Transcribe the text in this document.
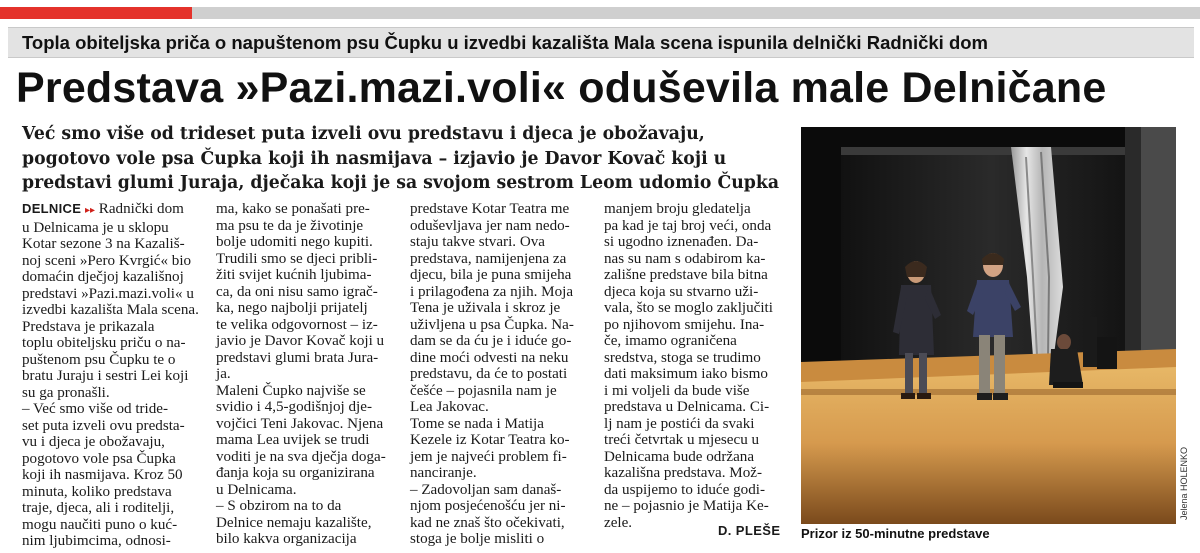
Topla obiteljska priča o napuštenom psu Čupku u izvedbi kazališta Mala scena ispunila delnički Radnički dom
Predstava »Pazi.mazi.voli« oduševila male Delničane
Već smo više od trideset puta izveli ovu predstavu i djeca je obožavaju,
pogotovo vole psa Čupka koji ih nasmijava – izjavio je Davor Kovač koji u
predstavi glumi Juraja, dječaka koji je sa svojom sestrom Leom udomio Čupka

DELNICE ▸▸ Radnički dom

u Delnicama je u sklopu

Kotar sezone 3 na Kazališ-

noj sceni »Pero Kvrgić« bio

domaćin dječjoj kazališnoj

predstavi »Pazi.mazi.voli« u

izvedbi kazališta Mala scena.

Predstava je prikazala

toplu obiteljsku priču o na-

puštenom psu Čupku te o

bratu Juraju i sestri Lei koji

su ga pronašli.

– Već smo više od tride-

set puta izveli ovu predsta-

vu i djeca je obožavaju,

pogotovo vole psa Čupka

koji ih nasmijava. Kroz 50

minuta, koliko predstava

traje, djeca, ali i roditelji,

mogu naučiti puno o kuć-

nim ljubimcima, odnosi-

ma, kako se ponašati pre-

ma psu te da je životinje

bolje udomiti nego kupiti.

Trudili smo se djeci pribli-

žiti svijet kućnih ljubima-

ca, da oni nisu samo igrač-

ka, nego najbolji prijatelj

te velika odgovornost – iz-

javio je Davor Kovač koji u

predstavi glumi brata Jura-

ja.

Maleni Čupko najviše se

svidio i 4,5-godišnjoj dje-

vojčici Teni Jakovac. Njena

mama Lea uvijek se trudi

voditi je na sva dječja doga-

đanja koja su organizirana

u Delnicama.

– S obzirom na to da

Delnice nemaju kazalište,

bilo kakva organizacija

predstave Kotar Teatra me

oduševljava jer nam nedo-

staju takve stvari. Ova

predstava, namijenjena za

djecu, bila je puna smijeha

i prilagođena za njih. Moja

Tena je uživala i skroz je

uživljena u psa Čupka. Na-

dam se da ću je i iduće go-

dine moći odvesti na neku

predstavu, da će to postati

češće – pojasnila nam je

Lea Jakovac.

Tome se nada i Matija

Kezele iz Kotar Teatra ko-

jem je najveći problem fi-

nanciranje.

– Zadovoljan sam današ-

njom posjećenošću jer ni-

kad ne znaš što očekivati,

stoga je bolje misliti o

manjem broju gledatelja

pa kad je taj broj veći, onda

si ugodno iznenađen. Da-

nas su nam s odabirom ka-

zališne predstave bila bitna

djeca koja su stvarno uži-

vala, što se moglo zaključiti

po njihovom smijehu. Ina-

če, imamo ograničena

sredstva, stoga se trudimo

dati maksimum iako bismo

i mi voljeli da bude više

predstava u Delnicama. Ci-

lj nam je postići da svaki

treći četvrtak u mjesecu u

Delnicama bude održana

kazališna predstava. Mož-

da uspijemo to iduće godi-

ne – pojasnio je Matija Ke-

zele.	D. PLEŠE
Jelena HOLENKO
Prizor iz 50-minutne predstave
